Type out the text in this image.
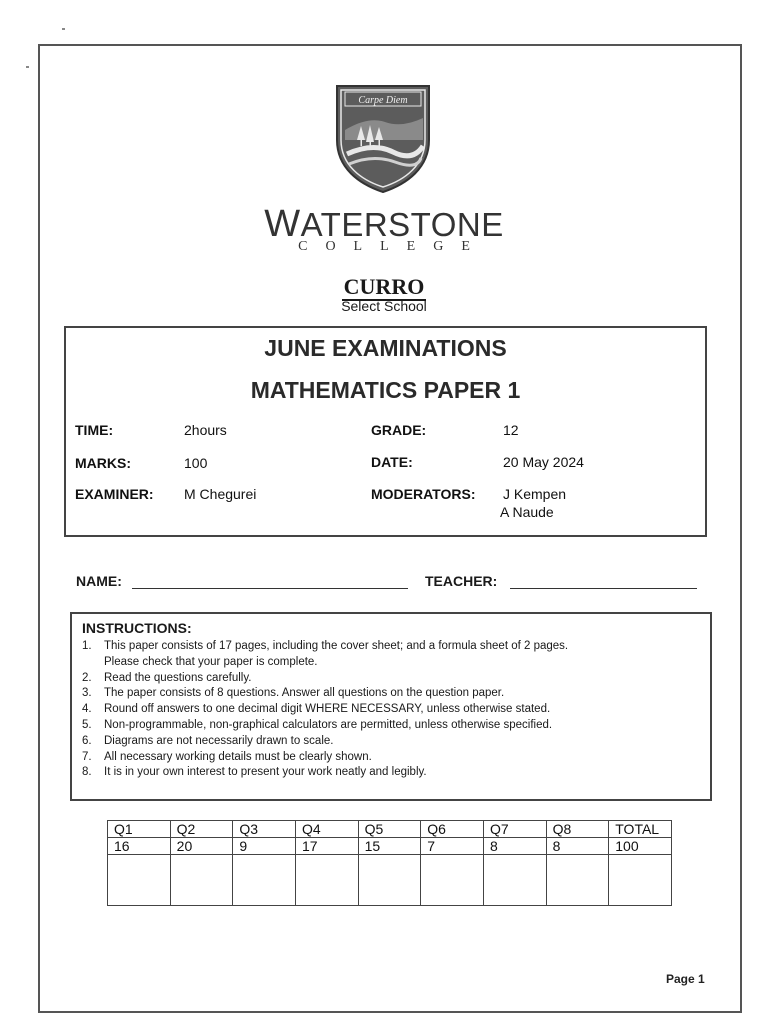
Carpe Diem
WATERSTONE
COLLEGE
CURRO
Select School
JUNE EXAMINATIONS
MATHEMATICS PAPER 1
TIME:	2hours	GRADE:	12
MARKS:	100	DATE:	20 May 2024
EXAMINER: M Chegurei	MODERATORS: J Kempen
A Naude
NAME:	TEACHER:
INSTRUCTIONS:
1. This paper consists of 17 pages, including the cover sheet; and a formula sheet of 2 pages.
Please check that your paper is complete.
2. Read the questions carefully.
3. The paper consists of 8 questions. Answer all questions on the question paper.
4. Round off answers to one decimal digit WHERE NECESSARY, unless otherwise stated.
5. Non-programmable, non-graphical calculators are permitted, unless otherwise specified.
6. Diagrams are not necessarily drawn to scale.
7. All necessary working details must be clearly shown.
8. It is in your own interest to present your work neatly and legibly.
Q1	Q2	Q3	Q4	Q5	Q6	Q7	Q8	TOTAL
16	20	9	17	15	7	8	8	100

Page 1
